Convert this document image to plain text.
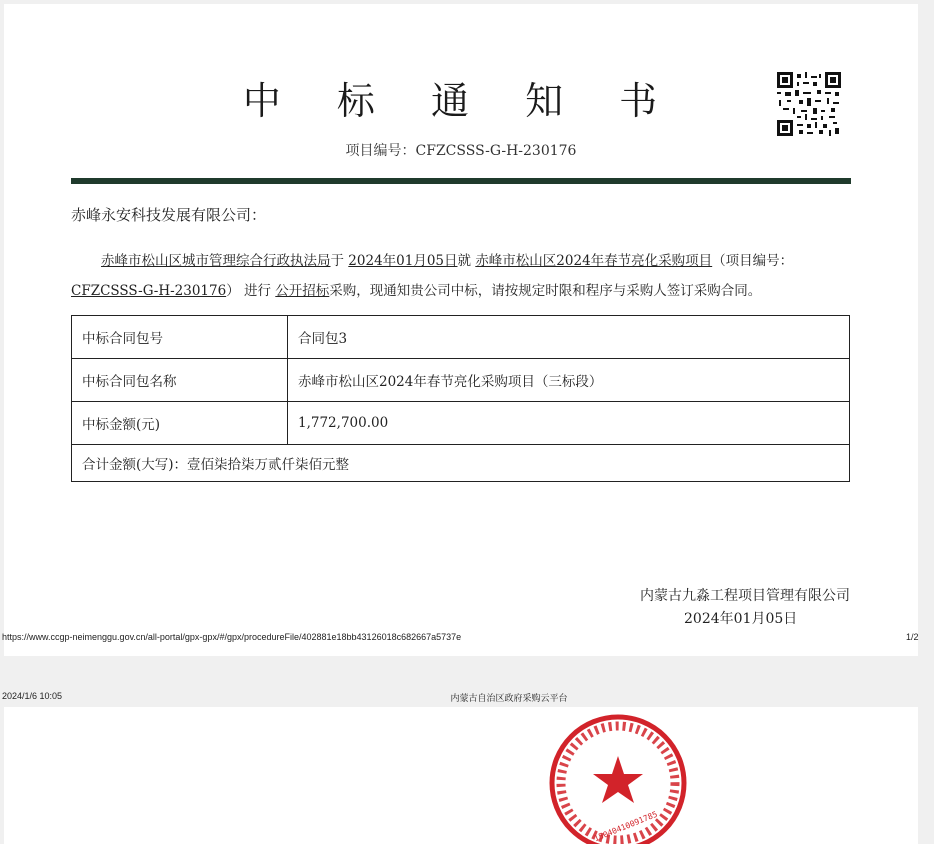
中 标 通 知 书
项目编号：CFZCSSS-G-H-230176
赤峰永安科技发展有限公司：
赤峰市松山区城市管理综合行政执法局于 2024年01月05日就 赤峰市松山区2024年春节亮化采购项目（项目编号： CFZCSSS-G-H-230176） 进行 公开招标采购，现通知贵公司中标，请按规定时限和程序与采购人签订采购合同。
中标合同包号	合同包3
中标合同包名称	赤峰市松山区2024年春节亮化采购项目（三标段）
中标金额(元)	1,772,700.00
合计金额(大写)：壹佰柒拾柒万贰仟柒佰元整	
内蒙古九淼工程项目管理有限公司
2024年01月05日
https://www.ccgp-neimenggu.gov.cn/all-portal/gpx-gpx/#/gpx/procedureFile/402881e18bb43126018c682667a5737e	1/2
2024/1/6 10:05	内蒙古自治区政府采购云平台
15040410091785
